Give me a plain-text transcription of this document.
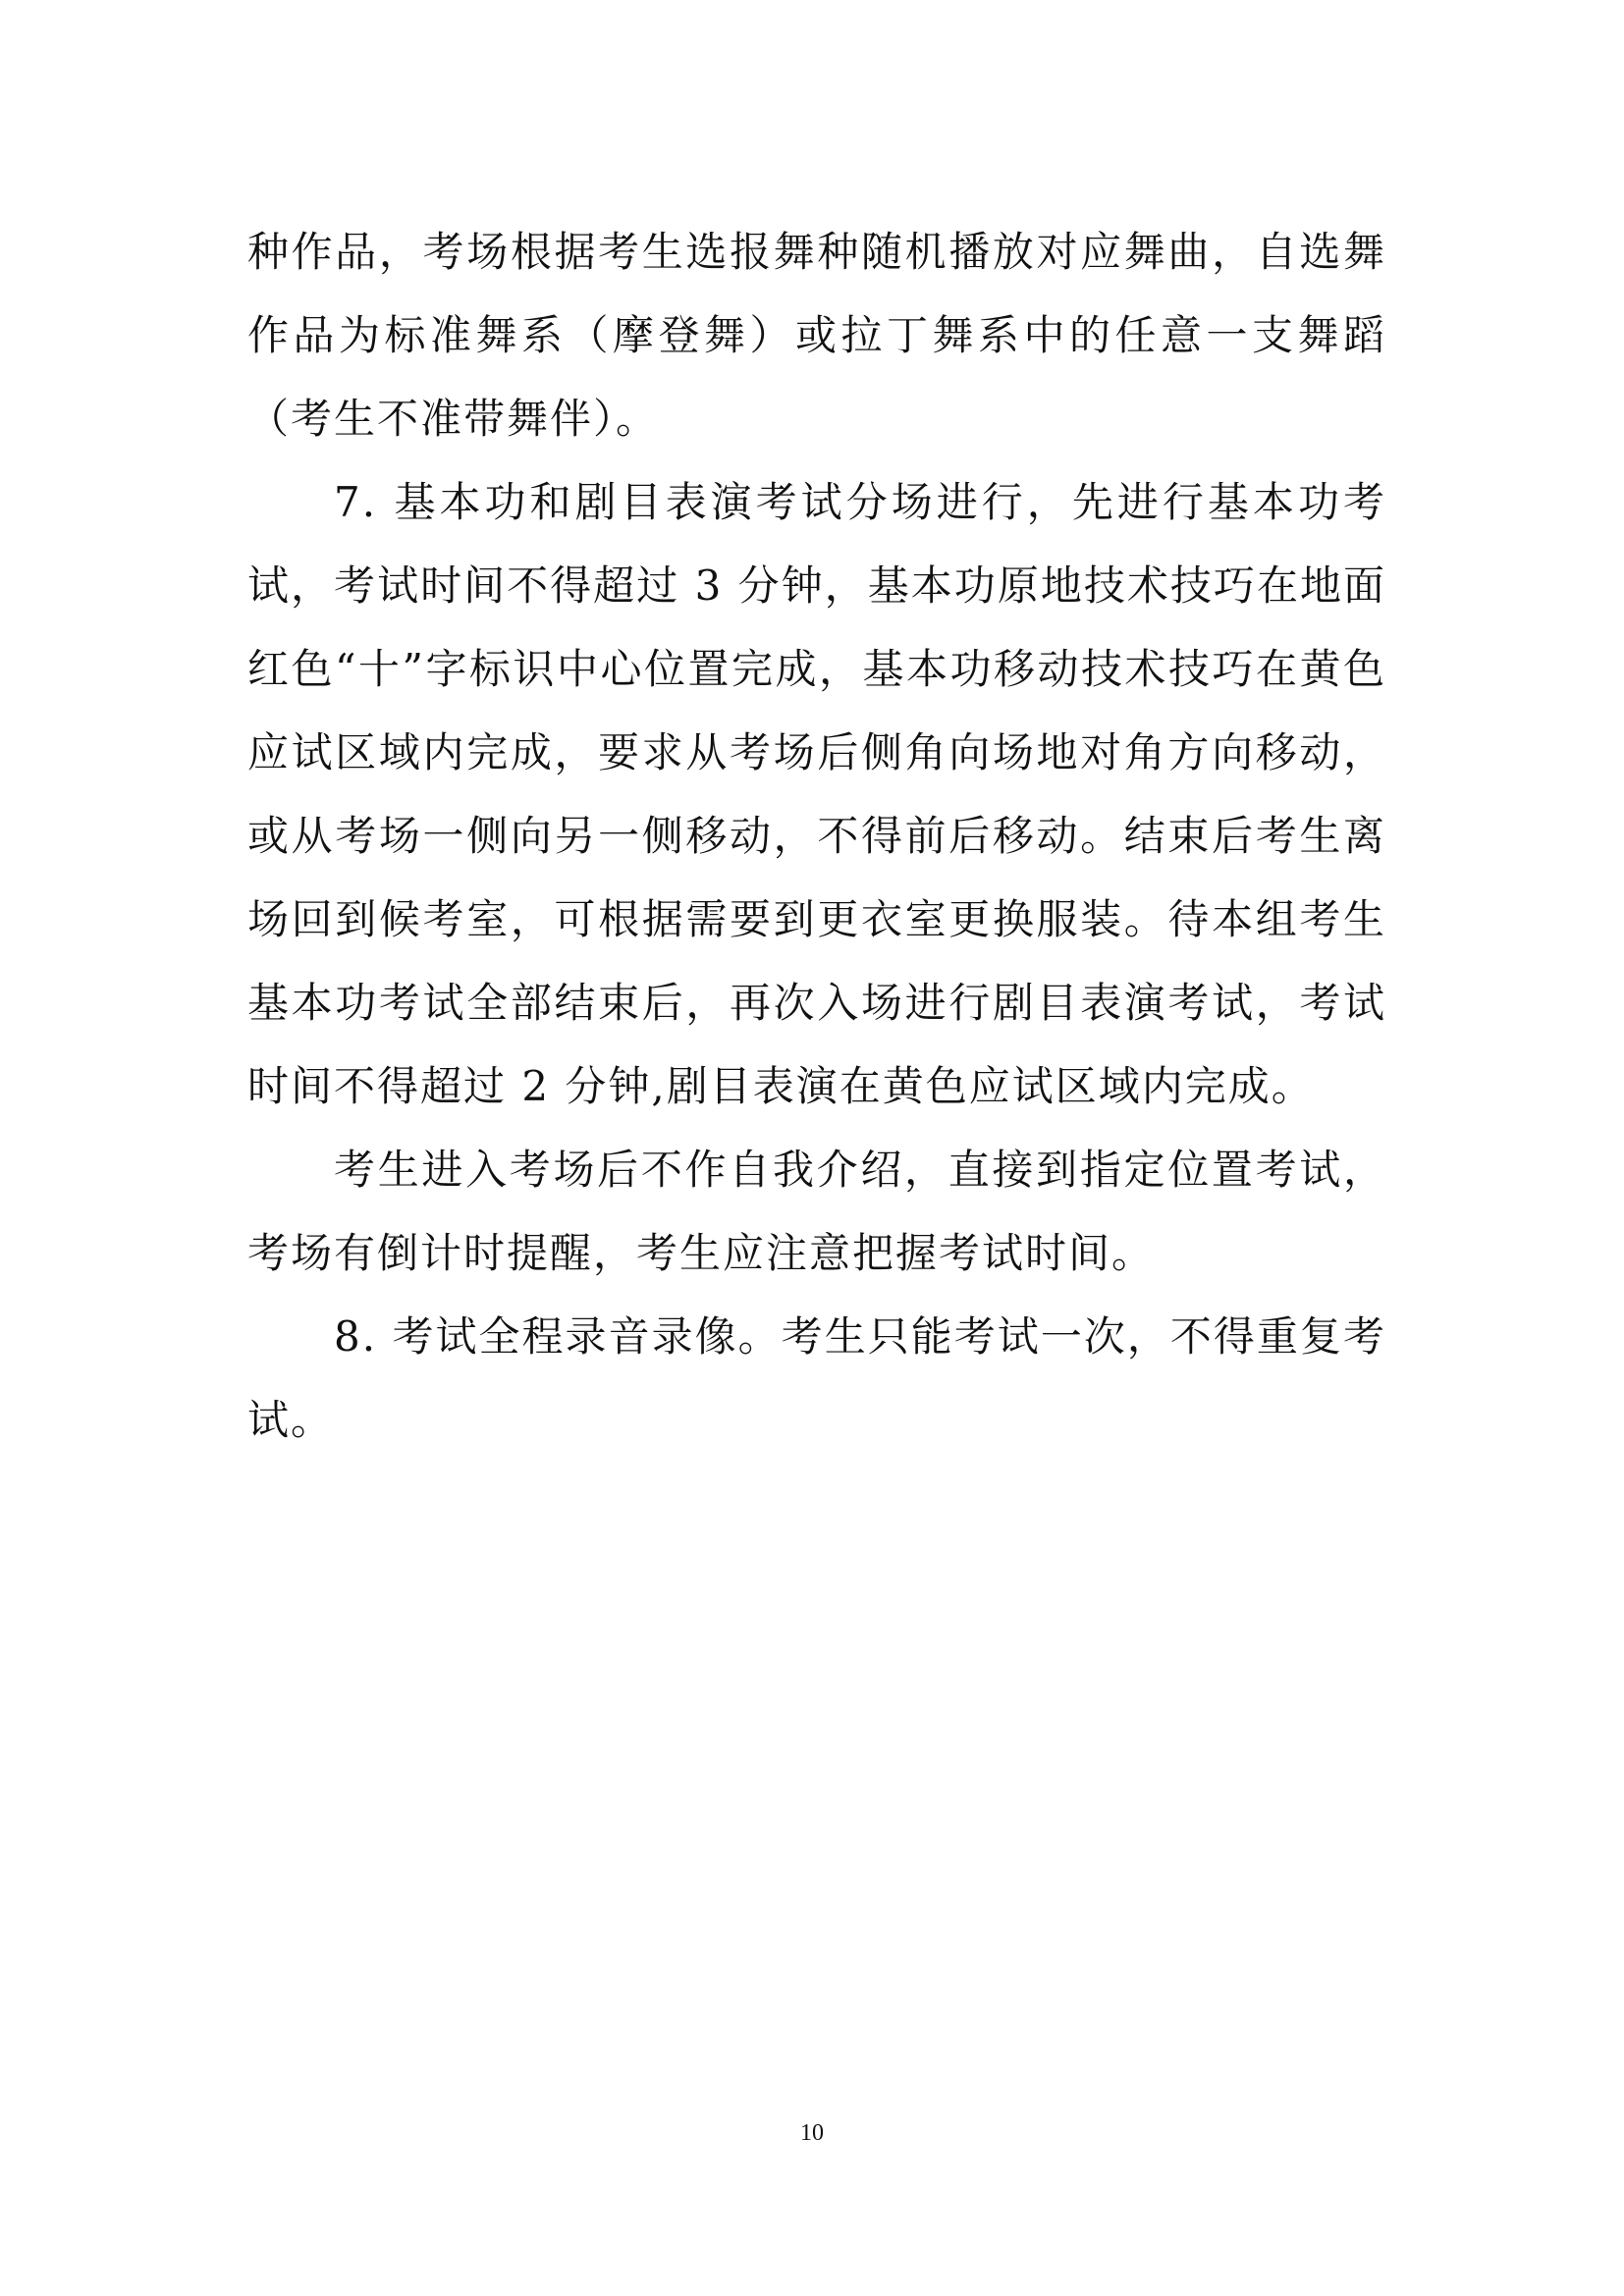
种作品，考场根据考生选报舞种随机播放对应舞曲，自选舞作品为标准舞系（摩登舞）或拉丁舞系中的任意一支舞蹈（考生不准带舞伴）。

7. 基本功和剧目表演考试分场进行，先进行基本功考试，考试时间不得超过 3 分钟，基本功原地技术技巧在地面红色“十”字标识中心位置完成，基本功移动技术技巧在黄色应试区域内完成，要求从考场后侧角向场地对角方向移动，或从考场一侧向另一侧移动，不得前后移动。结束后考生离场回到候考室，可根据需要到更衣室更换服装。待本组考生基本功考试全部结束后，再次入场进行剧目表演考试，考试时间不得超过 2 分钟,剧目表演在黄色应试区域内完成。

考生进入考场后不作自我介绍，直接到指定位置考试，考场有倒计时提醒，考生应注意把握考试时间。

8. 考试全程录音录像。考生只能考试一次，不得重复考试。

10
